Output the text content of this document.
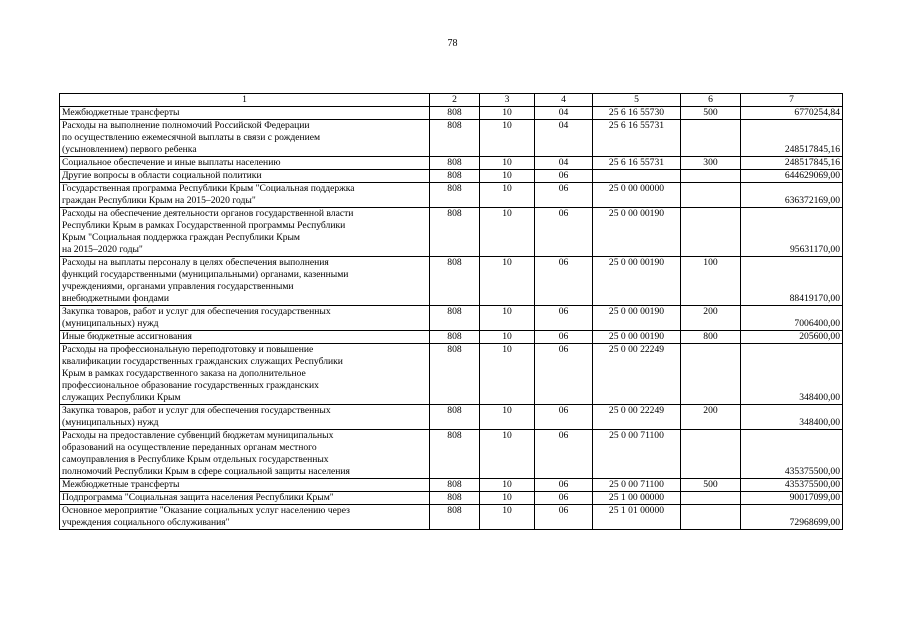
78
1	2	3	4	5	6	7
Межбюджетные трансферты	808	10	04	25 6 16 55730	500	6770254,84
Расходы на выполнение полномочий Российской Федерации
по осуществлению ежемесячной выплаты в связи с рождением
(усыновлением) первого ребенка	808	10	04	25 6 16 55731		248517845,16
Социальное обеспечение и иные выплаты населению	808	10	04	25 6 16 55731	300	248517845,16
Другие вопросы в области социальной политики	808	10	06			644629069,00
Государственная программа Республики Крым "Социальная поддержка
граждан Республики Крым на 2015–2020 годы"	808	10	06	25 0 00 00000		636372169,00
Расходы на обеспечение деятельности органов государственной власти
Республики Крым в рамках Государственной программы Республики
Крым "Социальная поддержка граждан Республики Крым
на 2015–2020 годы"	808	10	06	25 0 00 00190		95631170,00
Расходы на выплаты персоналу в целях обеспечения выполнения
функций государственными (муниципальными) органами, казенными
учреждениями, органами управления государственными
внебюджетными фондами	808	10	06	25 0 00 00190	100	88419170,00
Закупка товаров, работ и услуг для обеспечения государственных
(муниципальных) нужд	808	10	06	25 0 00 00190	200	7006400,00
Иные бюджетные ассигнования	808	10	06	25 0 00 00190	800	205600,00
Расходы на профессиональную переподготовку и повышение
квалификации государственных гражданских служащих Республики
Крым в рамках государственного заказа на дополнительное
профессиональное образование государственных гражданских
служащих Республики Крым	808	10	06	25 0 00 22249		348400,00
Закупка товаров, работ и услуг для обеспечения государственных
(муниципальных) нужд	808	10	06	25 0 00 22249	200	348400,00
Расходы на предоставление субвенций бюджетам муниципальных
образований на осуществление переданных органам местного
самоуправления в Республике Крым отдельных государственных
полномочий Республики Крым в сфере социальной защиты населения	808	10	06	25 0 00 71100		435375500,00
Межбюджетные трансферты	808	10	06	25 0 00 71100	500	435375500,00
Подпрограмма "Социальная защита населения Республики Крым"	808	10	06	25 1 00 00000		90017099,00
Основное мероприятие "Оказание социальных услуг населению через
учреждения социального обслуживания"	808	10	06	25 1 01 00000		72968699,00
